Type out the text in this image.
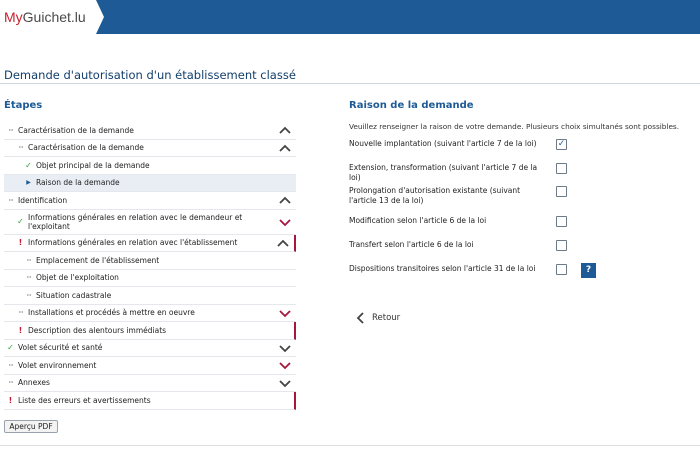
My Guichet.lu
Demande d'autorisation d'un établissement classé
Étapes
··· Caractérisation de la demande
··· Caractérisation de la demande
✓ Objet principal de la demande
▶ Raison de la demande
··· Identification
✓ Informations générales en relation avec le demandeur et l'exploitant
! Informations générales en relation avec l'établissement
··· Emplacement de l'établissement
··· Objet de l'exploitation
··· Situation cadastrale
··· Installations et procédés à mettre en oeuvre
! Description des alentours immédiats
✓ Volet sécurité et santé
··· Volet environnement
··· Annexes
! Liste des erreurs et avertissements
Aperçu PDF
Raison de la demande
Veuillez renseigner la raison de votre demande. Plusieurs choix simultanés sont possibles.
Nouvelle implantation (suivant l'article 7 de la loi)	✓
Extension, transformation (suivant l'article 7 de la loi)
Prolongation d'autorisation existante (suivant l'article 13 de la loi)
Modification selon l'article 6 de la loi
Transfert selon l'article 6 de la loi
Dispositions transitoires selon l'article 31 de la loi	?
Retour
